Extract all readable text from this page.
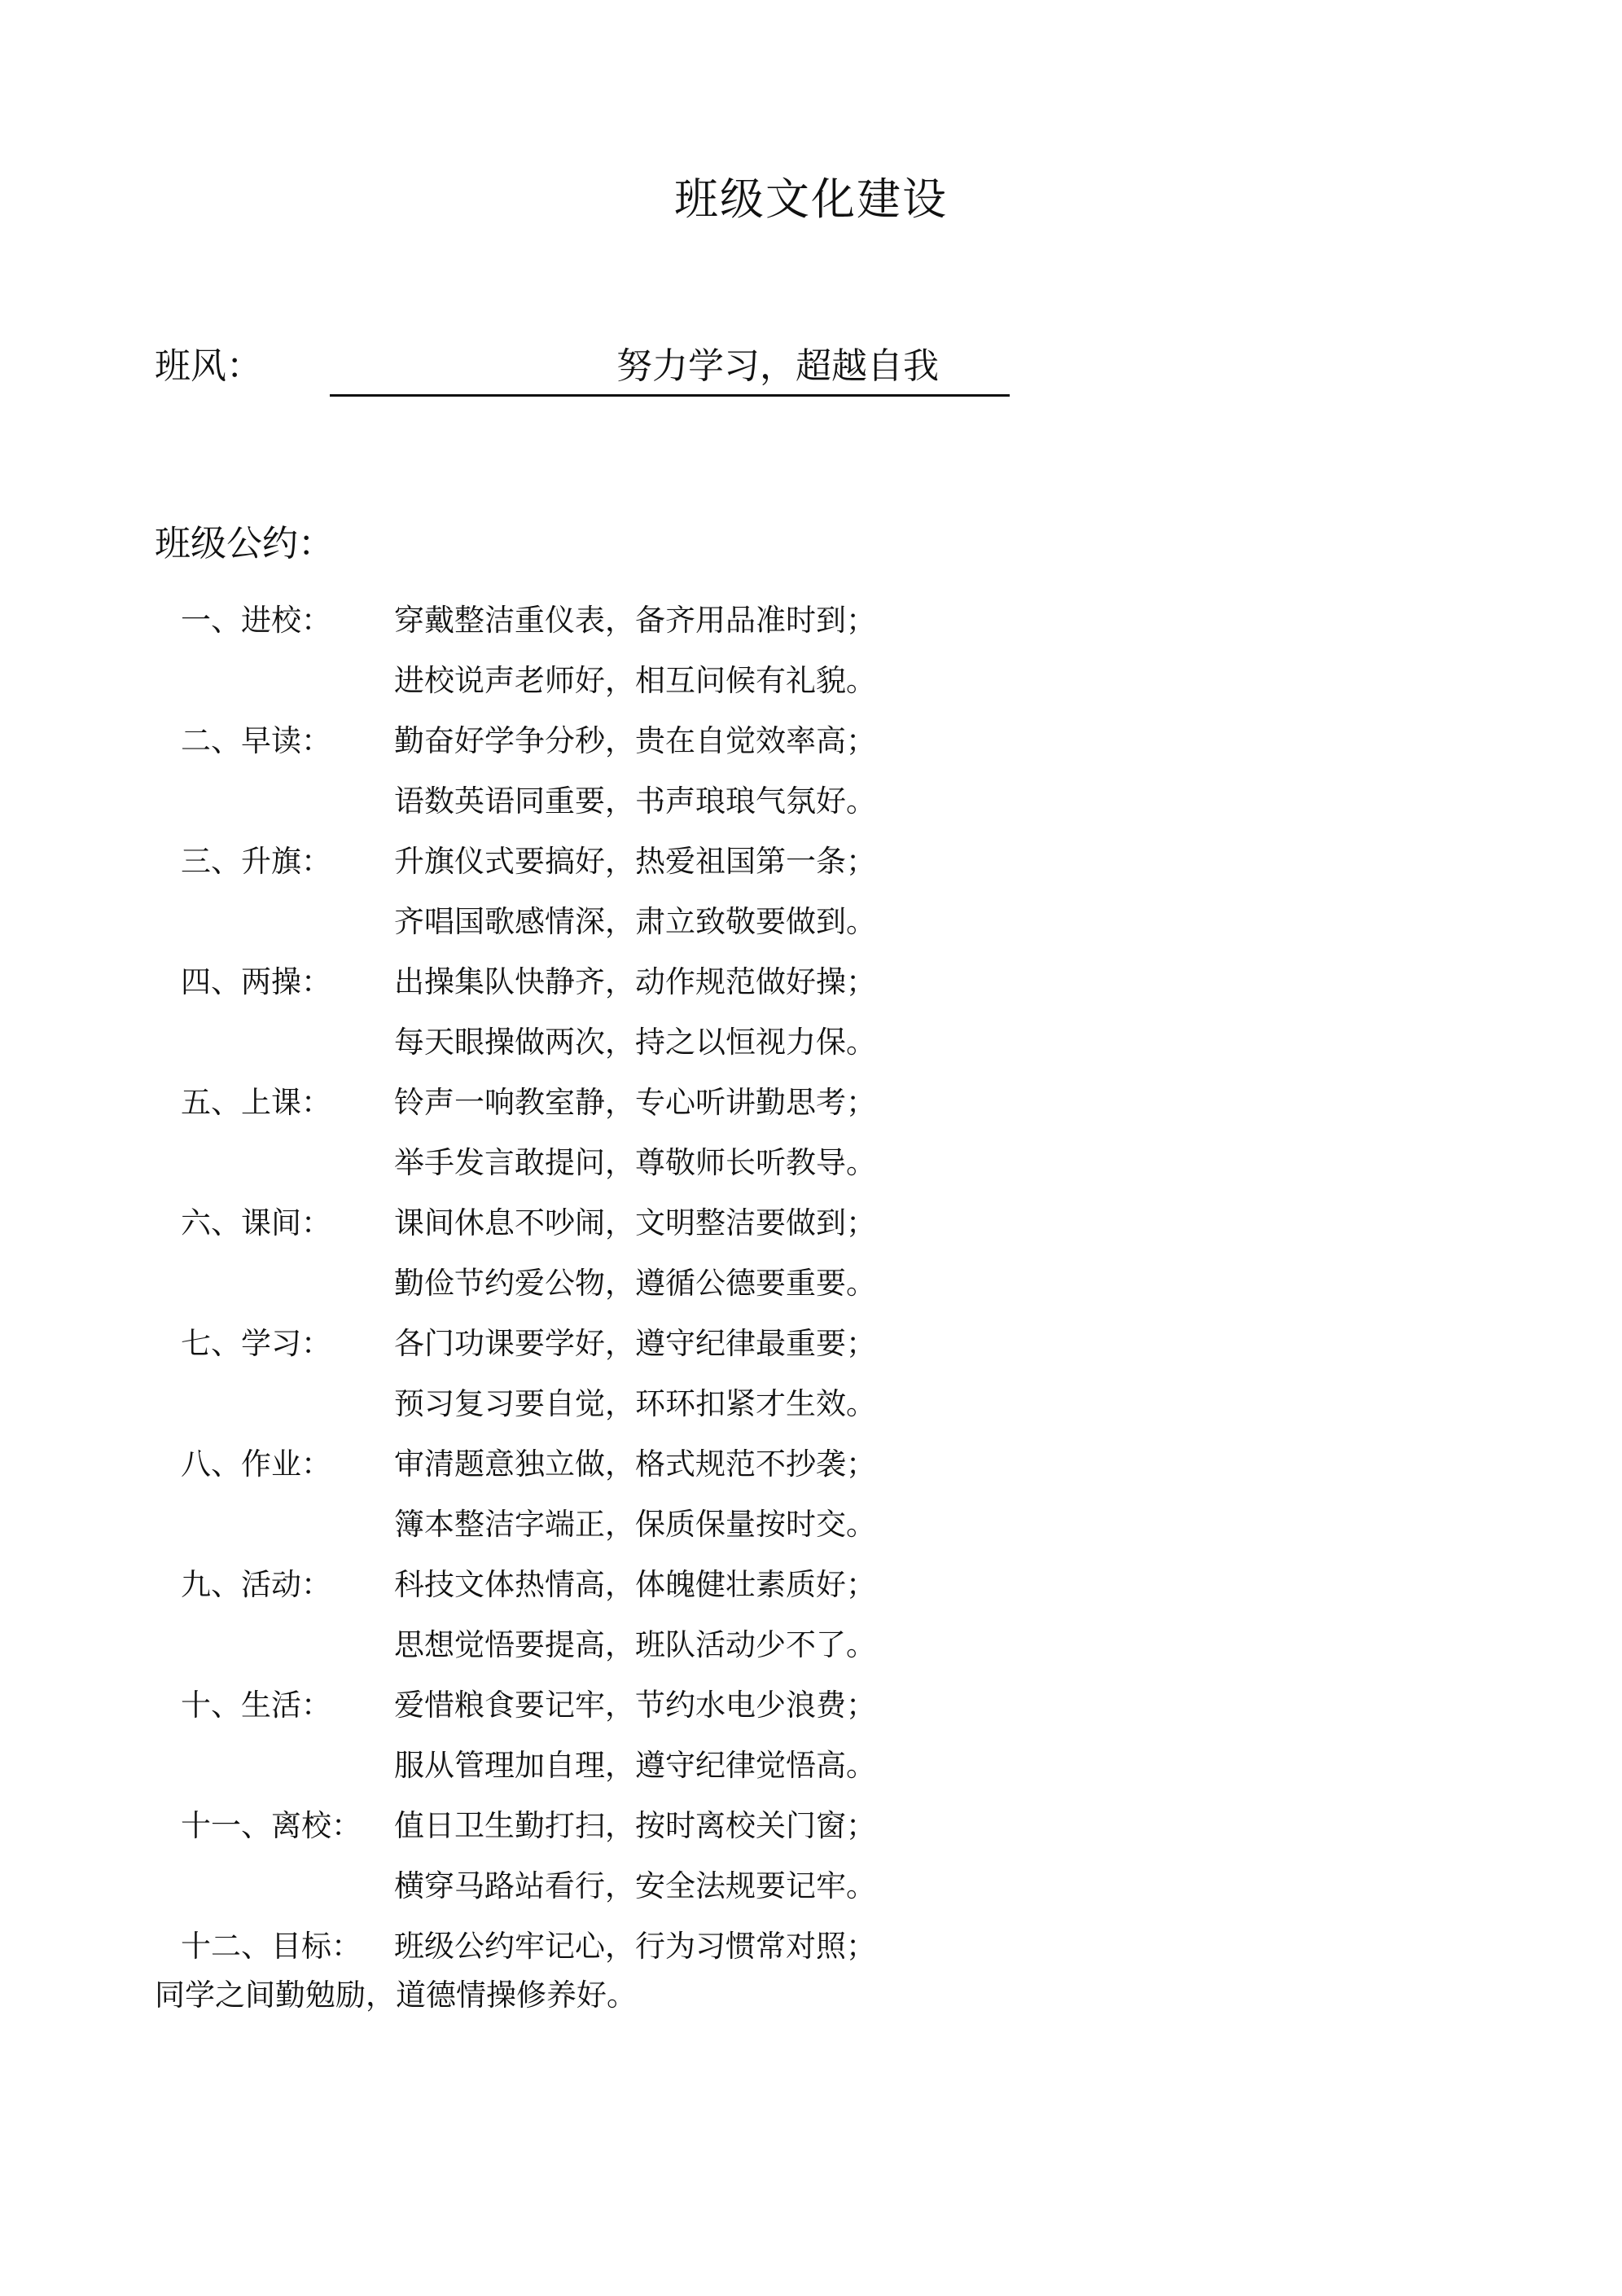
班级文化建设
班风：	努力学习，超越自我
班级公约：
一、进校： 穿戴整洁重仪表，备齐用品准时到；
进校说声老师好，相互问候有礼貌。
二、早读： 勤奋好学争分秒，贵在自觉效率高；
语数英语同重要，书声琅琅气氛好。
三、升旗： 升旗仪式要搞好，热爱祖国第一条；
齐唱国歌感情深，肃立致敬要做到。
四、两操： 出操集队快静齐，动作规范做好操；
每天眼操做两次，持之以恒视力保。
五、上课： 铃声一响教室静，专心听讲勤思考；
举手发言敢提问，尊敬师长听教导。
六、课间： 课间休息不吵闹，文明整洁要做到；
勤俭节约爱公物，遵循公德要重要。
七、学习： 各门功课要学好，遵守纪律最重要；
预习复习要自觉，环环扣紧才生效。
八、作业： 审清题意独立做，格式规范不抄袭；
簿本整洁字端正，保质保量按时交。
九、活动： 科技文体热情高，体魄健壮素质好；
思想觉悟要提高，班队活动少不了。
十、生活： 爱惜粮食要记牢，节约水电少浪费；
服从管理加自理，遵守纪律觉悟高。
十一、离校： 值日卫生勤打扫，按时离校关门窗；
横穿马路站看行，安全法规要记牢。
十二、目标： 班级公约牢记心，行为习惯常对照；
同学之间勤勉励，道德情操修养好。
